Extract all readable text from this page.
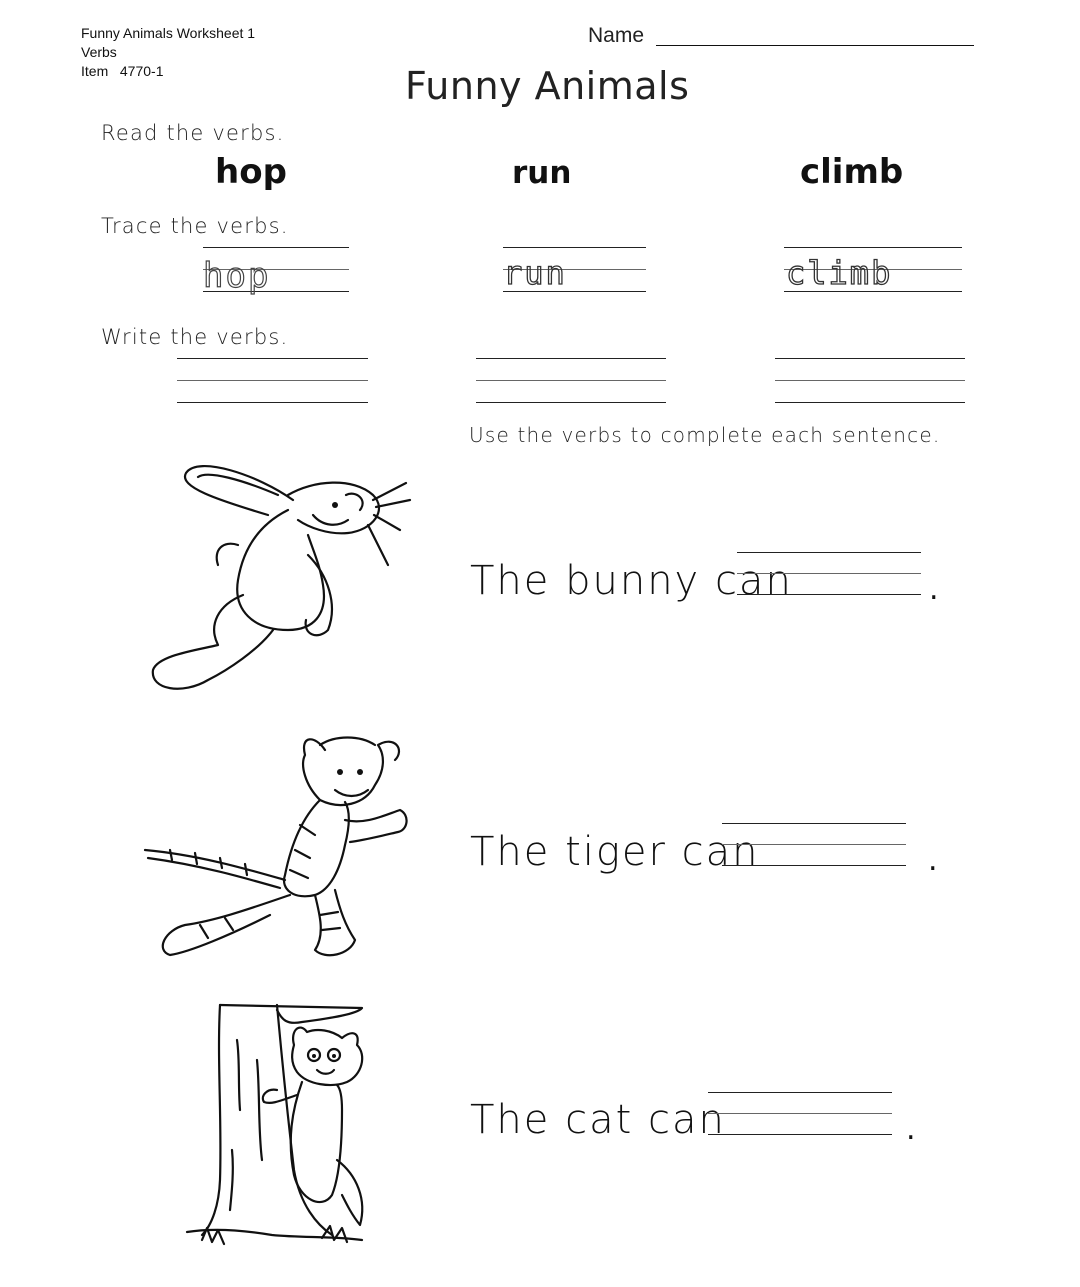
Funny Animals Worksheet 1
Verbs
Item   4770-1
Name
Funny Animals
Read the verbs.
hop	run	climb
Trace the verbs.
hop	run	climb
Write the verbs.
Use the verbs to complete each sentence.
The bunny can	.
The tiger can	.
The cat can	.
